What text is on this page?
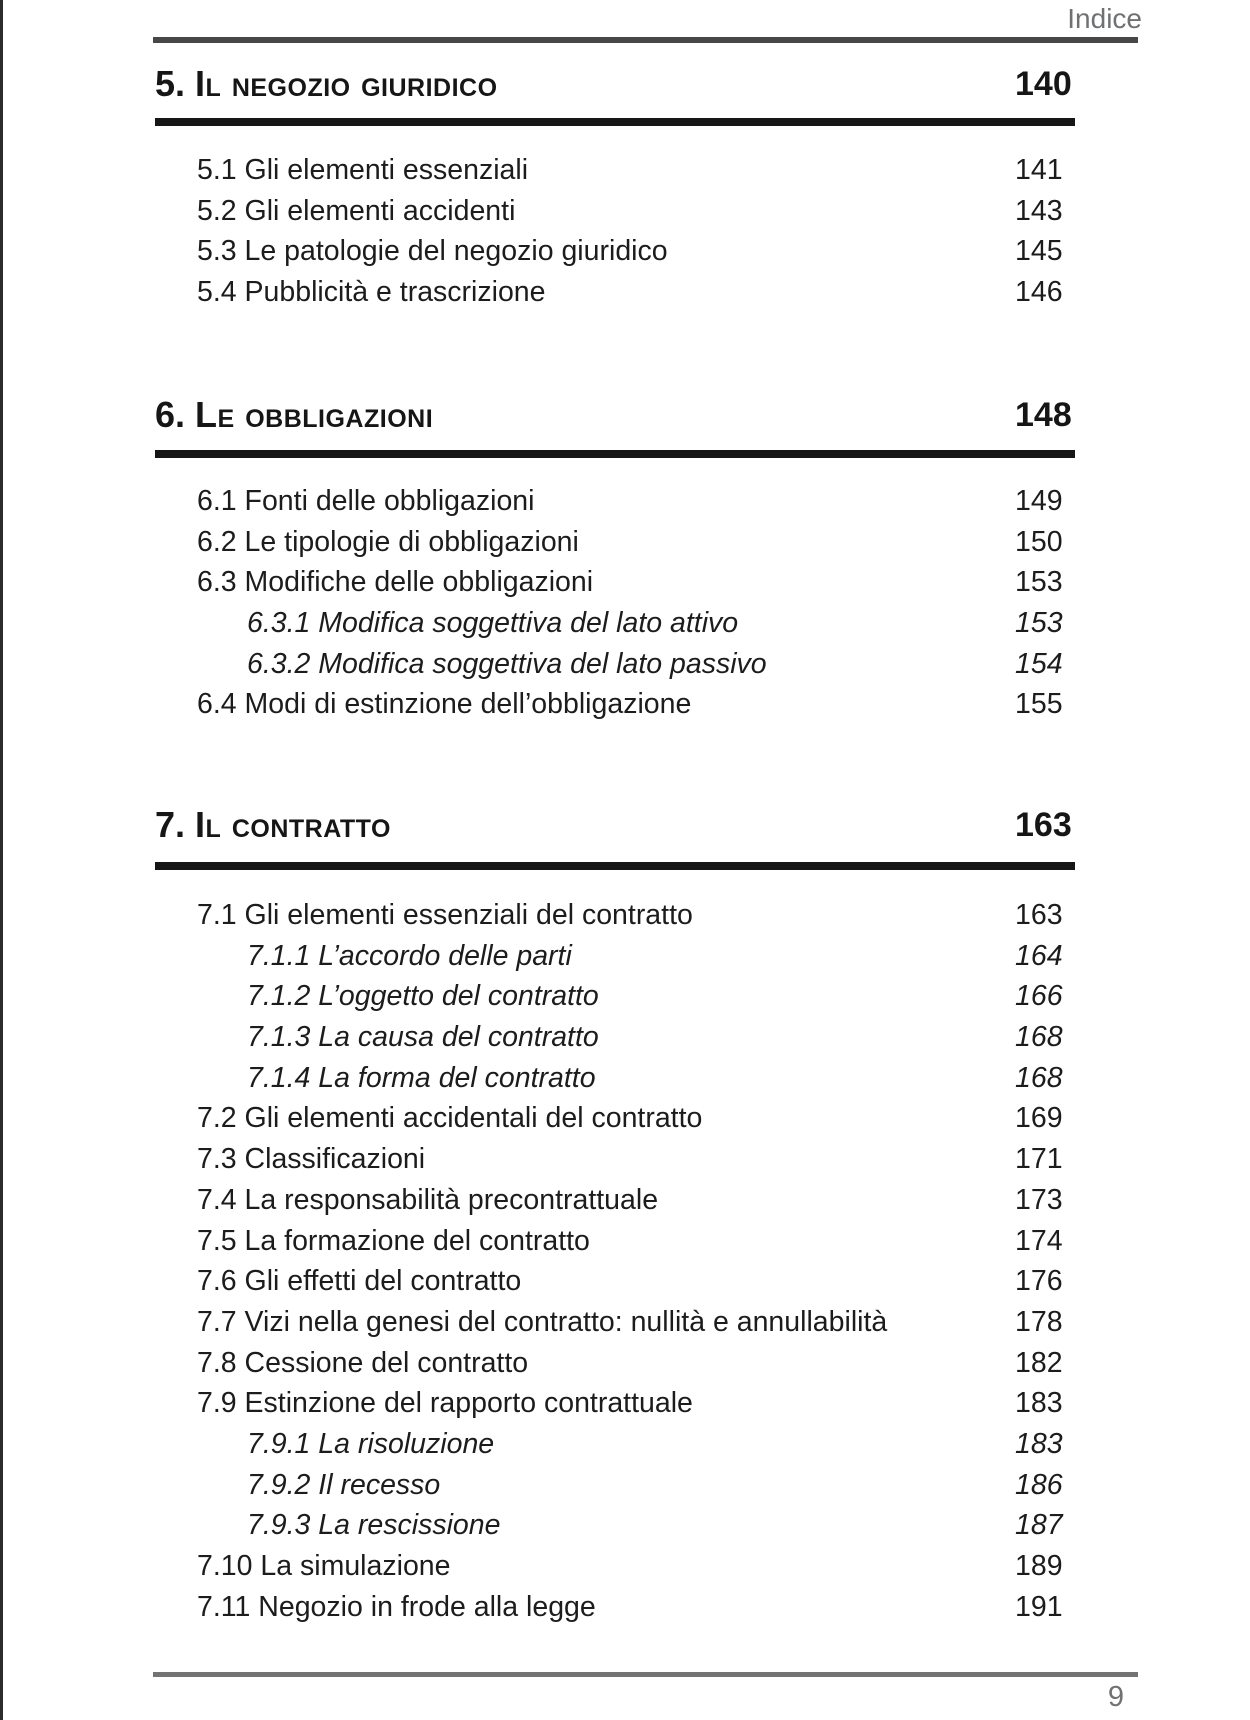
Indice
5. Il negozio giuridico	140
5.1 Gli elementi essenziali	141
5.2 Gli elementi accidenti	143
5.3 Le patologie del negozio giuridico	145
5.4 Pubblicità e trascrizione	146
6. Le obbligazioni	148
6.1 Fonti delle obbligazioni	149
6.2 Le tipologie di obbligazioni	150
6.3 Modifiche delle obbligazioni	153
6.3.1 Modifica soggettiva del lato attivo	153
6.3.2 Modifica soggettiva del lato passivo	154
6.4 Modi di estinzione dell’obbligazione	155
7. Il contratto	163
7.1 Gli elementi essenziali del contratto	163
7.1.1 L’accordo delle parti	164
7.1.2 L’oggetto del contratto	166
7.1.3 La causa del contratto	168
7.1.4 La forma del contratto	168
7.2 Gli elementi accidentali del contratto	169
7.3 Classificazioni	171
7.4 La responsabilità precontrattuale	173
7.5 La formazione del contratto	174
7.6 Gli effetti del contratto	176
7.7 Vizi nella genesi del contratto: nullità e annullabilità	178
7.8 Cessione del contratto	182
7.9 Estinzione del rapporto contrattuale	183
7.9.1 La risoluzione	183
7.9.2 Il recesso	186
7.9.3 La rescissione	187
7.10 La simulazione	189
7.11 Negozio in frode alla legge	191
9
